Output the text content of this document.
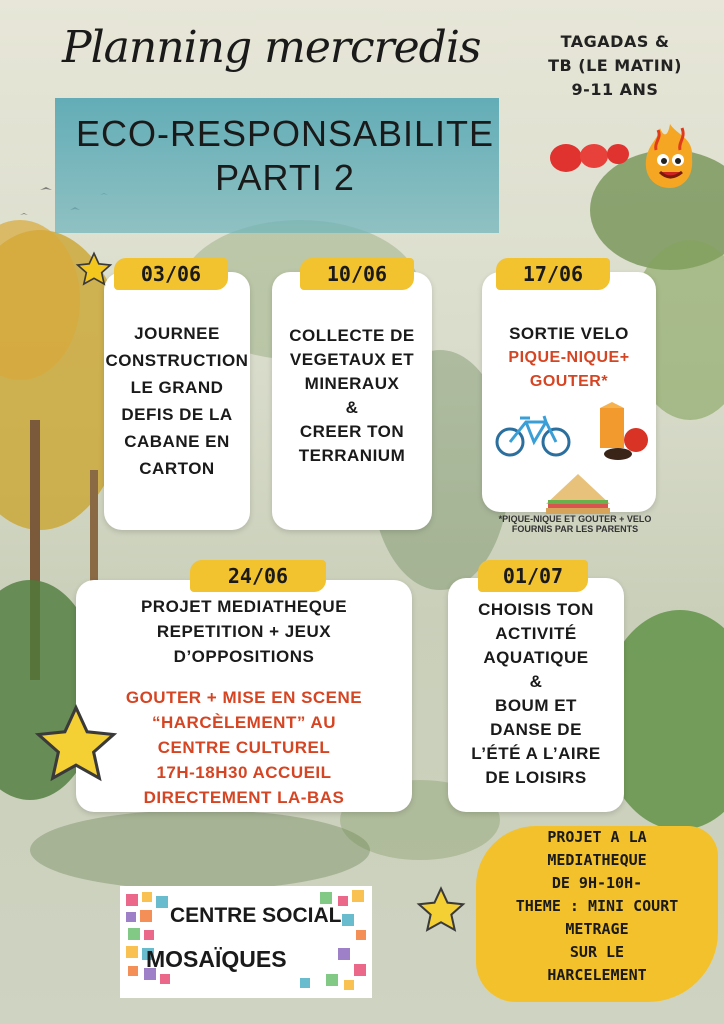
Planning mercredis	TAGADAS &
TB (LE MATIN)
9-11 ANS
ECO-RESPONSABILITE
PARTI 2
JOURNEE
CONSTRUCTION
LE GRAND
DEFIS DE LA
CABANE EN
CARTON
03/06
COLLECTE DE
VEGETAUX ET
MINERAUX
&
CREER TON
TERRANIUM
10/06
SORTIE VELO
PIQUE-NIQUE+
GOUTER*
17/06
*PIQUE-NIQUE ET GOUTER + VELO
FOURNIS PAR LES PARENTS
PROJET MEDIATHEQUE
REPETITION + JEUX
D’OPPOSITIONS
GOUTER + MISE EN SCENE
“HARCÈLEMENT” AU
CENTRE CULTUREL
17H-18H30 ACCUEIL
DIRECTEMENT LA-BAS
24/06
CHOISIS TON
ACTIVITÉ
AQUATIQUE
&
BOUM ET
DANSE DE
L’ÉTÉ A L’AIRE
DE LOISIRS
01/07
PROJET A LA
MEDIATHEQUE
DE 9H-10H-
THEME : MINI COURT
METRAGE
SUR LE
HARCELEMENT
CENTRE SOCIAL
MOSAÏQUES
